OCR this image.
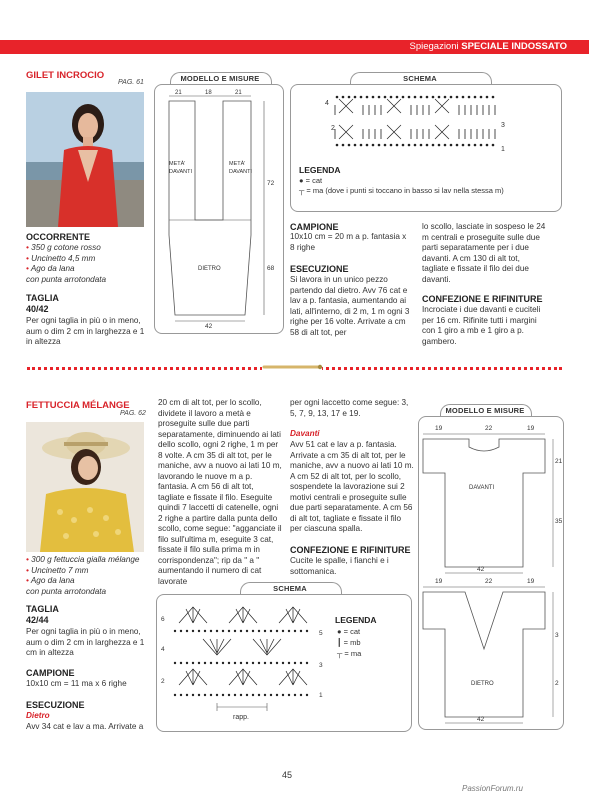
Spiegazioni SPECIALE INDOSSATO
GILET INCROCIO
PAG. 61
OCCORRENTE
• 350 g cotone rosso
• Uncinetto 4,5 mm
• Ago da lana
con punta arrotondata
TAGLIA
40/42
Per ogni taglia in più o in meno, aum o dim 2 cm in larghezza e 1 in altezza
MODELLO E MISURE
21	18	21
METÀ'
DAVANTI
METÀ'
DAVANTI
DIETRO
72
68
42
SCHEMA
4
2	3
1
LEGENDA
● = cat
┬ = ma (dove i punti si toccano in basso si lav nella stessa m)
CAMPIONE
10x10 cm = 20 m a p. fantasia x 8 righe
ESECUZIONE
Si lavora in un unico pezzo partendo dal dietro. Avv 76 cat e lav a p. fantasia, aumentando ai lati, all'interno, di 2 m, 1 m ogni 3 righe per 16 volte. Arrivate a cm 58 di alt tot, per
lo scollo, lasciate in sospeso le 24 m centrali e proseguite sulle due parti separatamente per i due davanti. A cm 130 di alt tot, tagliate e fissate il filo dei due davanti.
CONFEZIONE E RIFINITURE
Incrociate i due davanti e cuciteli per 16 cm. Rifinite tutti i margini con 1 giro a mb e 1 giro a p. gambero.
FETTUCCIA MÉLANGE
PAG. 62
• 300 g fettuccia gialla mélange
• Uncinetto 7 mm
• Ago da lana
con punta arrotondata
TAGLIA
42/44
Per ogni taglia in più o in meno, aum o dim 2 cm in larghezza e 1 cm in altezza
CAMPIONE
10x10 cm = 11 ma x 6 righe
ESECUZIONE
Dietro
Avv 34 cat e lav a ma. Arrivate a
20 cm di alt tot, per lo scollo, dividete il lavoro a metà e proseguite sulle due parti separatamente, diminuendo ai lati dello scollo, ogni 2 righe, 1 m per 8 volte. A cm 35 di alt tot, per le maniche, avv a nuovo ai lati 10 m, lavorando le nuove m a p. fantasia. A cm 56 di alt tot, tagliate e fissate il filo. Eseguite quindi 7 laccetti di catenelle, ogni 2 righe a partire dalla punta dello scollo, come segue: "agganciate il filo sull'ultima m, eseguite 3 cat, fissate il filo sulla prima m in corrispondenza"; rip da " a " aumentando il numero di cat lavorate
per ogni laccetto come segue: 3, 5, 7, 9, 13, 17 e 19.
Davanti
Avv 51 cat e lav a p. fantasia. Arrivate a cm 35 di alt tot, per le maniche, avv a nuovo ai lati 10 m. A cm 52 di alt tot, per lo scollo, sospendete la lavorazione sui 2 motivi centrali e proseguite sulle due parti separatamente. A cm 56 di alt tot, tagliate e fissate il filo per ciascuna spalla.
CONFEZIONE E RIFINITURE
Cucite le spalle, i fianchi e i sottomanica.
SCHEMA
6
4
2
5
3
1
rapp.
LEGENDA
● = cat
┃ = mb
┬ = ma
MODELLO E MISURE
19	22	19
DAVANTI
21
35
42
19	22	19
DIETRO
3
2
42
45
PassionForum.ru
